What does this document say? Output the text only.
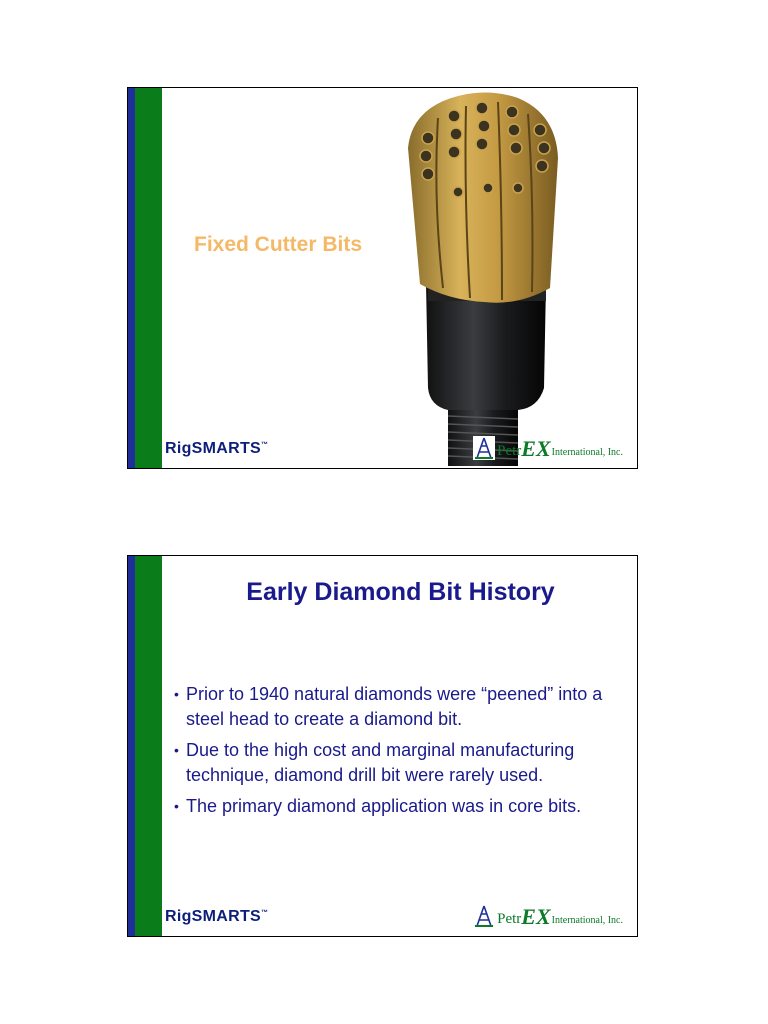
Fixed Cutter Bits
RigSMARTS™	Petr EX International, Inc.
Early Diamond Bit History
• Prior to 1940 natural diamonds were “peened” into a steel head to create a diamond bit.
• Due to the high cost and marginal manufacturing technique, diamond drill bit were rarely used.
• The primary diamond application was in core bits.
RigSMARTS™	Petr EX International, Inc.
